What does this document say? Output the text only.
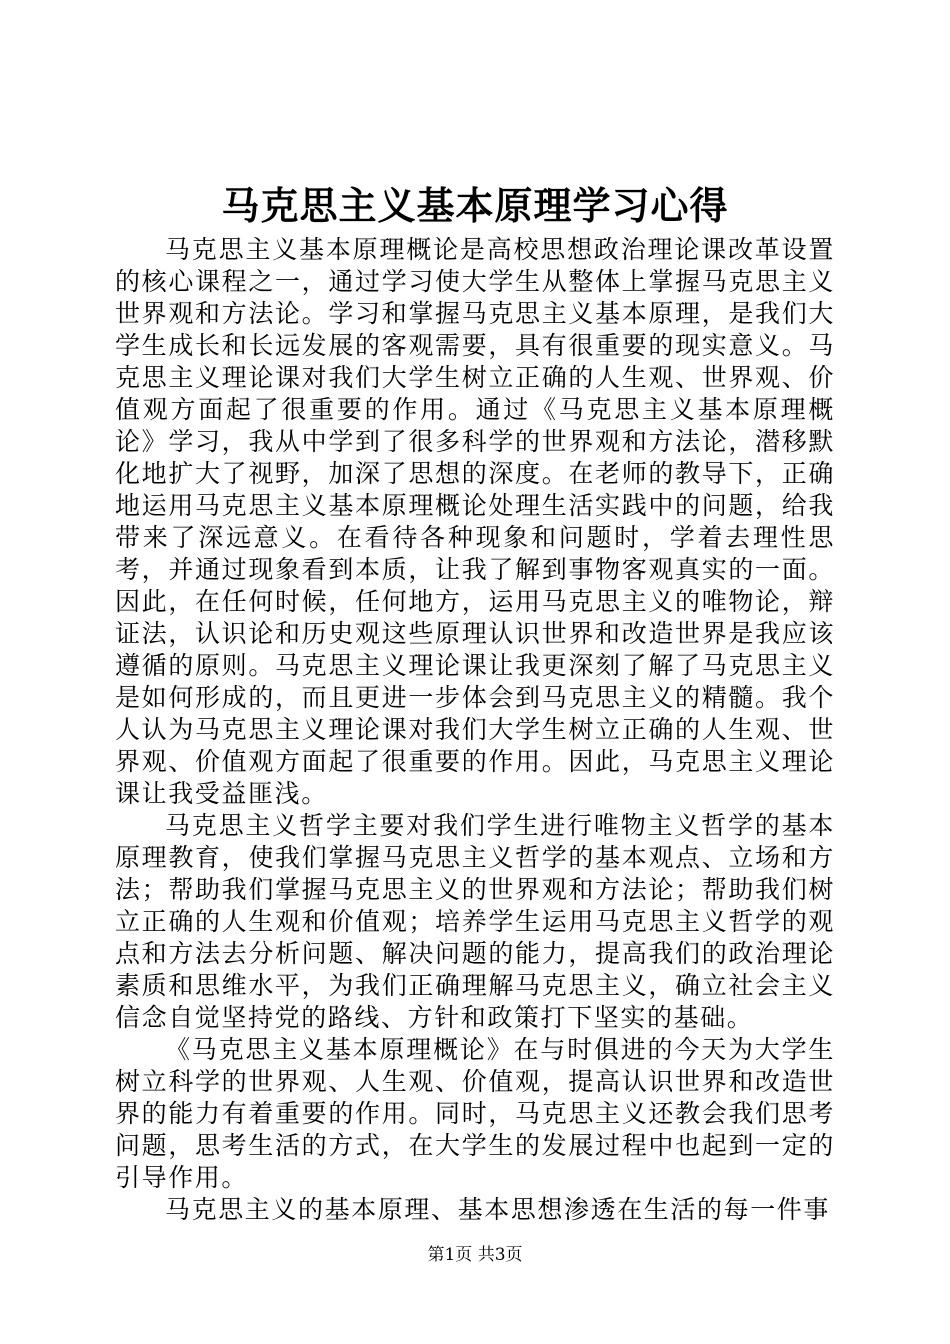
马克思主义基本原理学习心得

马克思主义基本原理概论是高校思想政治理论课改革设置的核心课程之一，通过学习使大学生从整体上掌握马克思主义世界观和方法论。学习和掌握马克思主义基本原理，是我们大学生成长和长远发展的客观需要，具有很重要的现实意义。马克思主义理论课对我们大学生树立正确的人生观、世界观、价值观方面起了很重要的作用。通过《马克思主义基本原理概论》学习，我从中学到了很多科学的世界观和方法论，潜移默化地扩大了视野，加深了思想的深度。在老师的教导下，正确地运用马克思主义基本原理概论处理生活实践中的问题，给我带来了深远意义。在看待各种现象和问题时，学着去理性思考，并通过现象看到本质，让我了解到事物客观真实的一面。因此，在任何时候，任何地方，运用马克思主义的唯物论，辩证法，认识论和历史观这些原理认识世界和改造世界是我应该遵循的原则。马克思主义理论课让我更深刻了解了马克思主义是如何形成的，而且更进一步体会到马克思主义的精髓。我个人认为马克思主义理论课对我们大学生树立正确的人生观、世界观、价值观方面起了很重要的作用。因此，马克思主义理论课让我受益匪浅。

马克思主义哲学主要对我们学生进行唯物主义哲学的基本原理教育，使我们掌握马克思主义哲学的基本观点、立场和方法；帮助我们掌握马克思主义的世界观和方法论；帮助我们树立正确的人生观和价值观；培养学生运用马克思主义哲学的观点和方法去分析问题、解决问题的能力，提高我们的政治理论素质和思维水平，为我们正确理解马克思主义，确立社会主义信念自觉坚持党的路线、方针和政策打下坚实的基础。

《马克思主义基本原理概论》在与时俱进的今天为大学生树立科学的世界观、人生观、价值观，提高认识世界和改造世界的能力有着重要的作用。同时，马克思主义还教会我们思考问题，思考生活的方式，在大学生的发展过程中也起到一定的引导作用。

马克思主义的基本原理、基本思想渗透在生活的每一件事

第1页 共3页
